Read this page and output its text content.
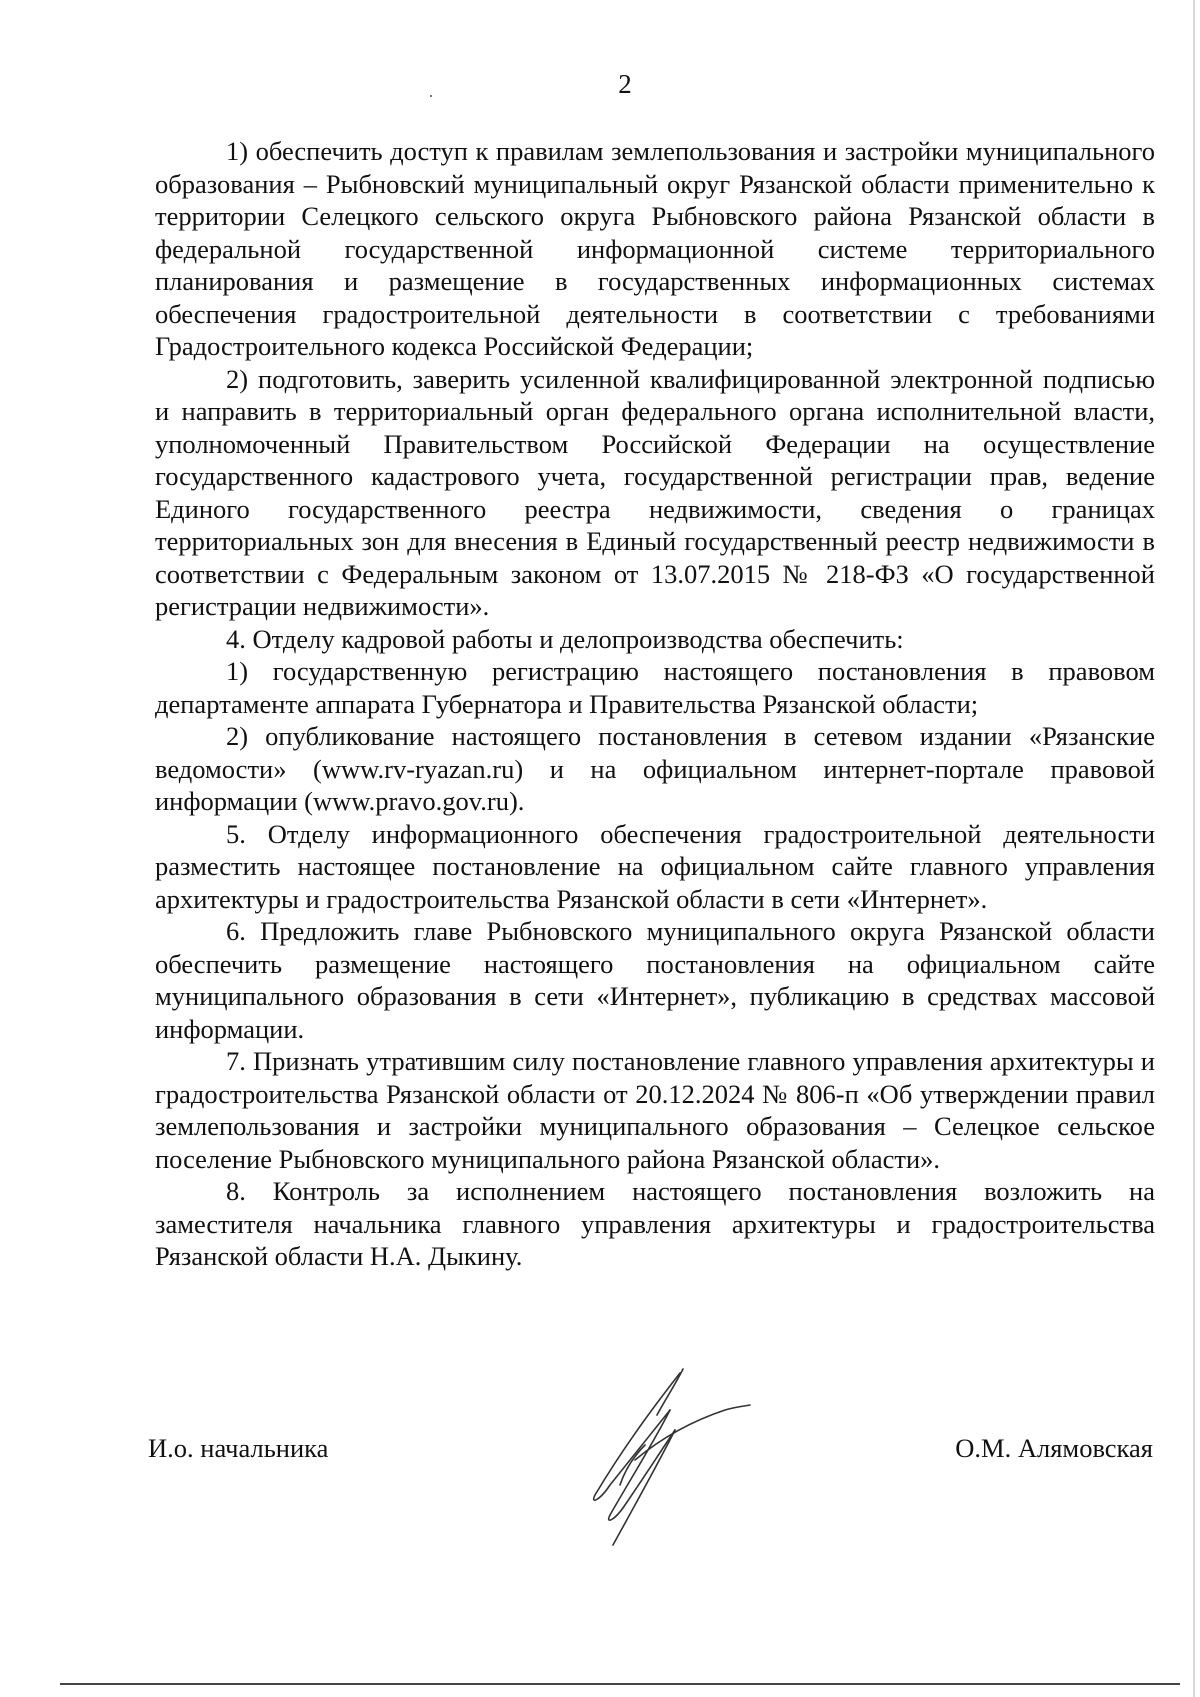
2

1) обеспечить доступ к правилам землепользования и застройки муниципального образования – Рыбновский муниципальный округ Рязанской области применительно к территории Селецкого сельского округа Рыбновского района Рязанской области в федеральной государственной информационной системе территориального планирования и размещение в государственных информационных системах обеспечения градостроительной деятельности в соответствии с требованиями Градостроительного кодекса Российской Федерации;

2) подготовить, заверить усиленной квалифицированной электронной подписью и направить в территориальный орган федерального органа исполнительной власти, уполномоченный Правительством Российской Федерации на осуществление государственного кадастрового учета, государственной регистрации прав, ведение Единого государственного реестра недвижимости, сведения о границах территориальных зон для внесения в Единый государственный реестр недвижимости в соответствии с Федеральным законом от 13.07.2015 № 218-ФЗ «О государственной регистрации недвижимости».

4. Отделу кадровой работы и делопроизводства обеспечить:

1) государственную регистрацию настоящего постановления в правовом департаменте аппарата Губернатора и Правительства Рязанской области;

2) опубликование настоящего постановления в сетевом издании «Рязанские ведомости» (www.rv-ryazan.ru) и на официальном интернет-портале правовой информации (www.pravo.gov.ru).

5. Отделу информационного обеспечения градостроительной деятельности разместить настоящее постановление на официальном сайте главного управления архитектуры и градостроительства Рязанской области в сети «Интернет».

6. Предложить главе Рыбновского муниципального округа Рязанской области обеспечить размещение настоящего постановления на официальном сайте муниципального образования в сети «Интернет», публикацию в средствах массовой информации.

7. Признать утратившим силу постановление главного управления архитектуры и градостроительства Рязанской области от 20.12.2024 № 806-п «Об утверждении правил землепользования и застройки муниципального образования – Селецкое сельское поселение Рыбновского муниципального района Рязанской области».

8. Контроль за исполнением настоящего постановления возложить на заместителя начальника главного управления архитектуры и градостроительства Рязанской области Н.А. Дыкину.

И.о. начальника	О.М. Алямовская
